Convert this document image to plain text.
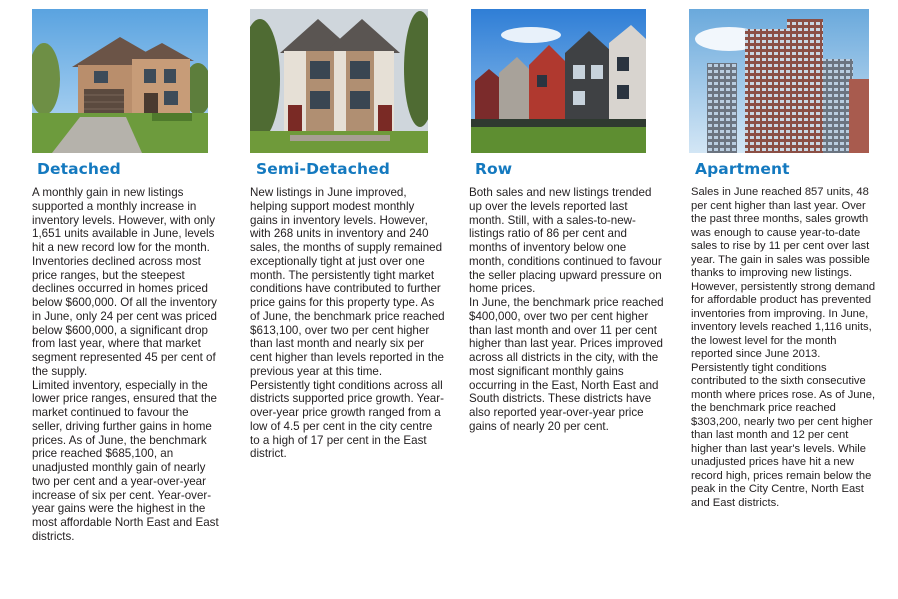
Detached

A monthly gain in new listings supported a monthly increase in inventory levels. However, with only 1,651 units available in June, levels hit a new record low for the month. Inventories declined across most price ranges, but the steepest declines occurred in homes priced below $600,000. Of all the inventory in June, only 24 per cent was priced below $600,000, a significant drop from last year, where that market segment represented 45 per cent of the supply.

Limited inventory, especially in the lower price ranges, ensured that the market continued to favour the seller, driving further gains in home prices. As of June, the benchmark price reached $685,100, an unadjusted monthly gain of nearly two per cent and a year-over-year increase of six per cent. Year-over-year gains were the highest in the most affordable North East and East districts.

Semi-Detached

New listings in June improved, helping support modest monthly gains in inventory levels. However, with 268 units in inventory and 240 sales, the months of supply remained exceptionally tight at just over one month. The persistently tight market conditions have contributed to further price gains for this property type. As of June, the benchmark price reached $613,100, over two per cent higher than last month and nearly six per cent higher than levels reported in the previous year at this time.

Persistently tight conditions across all districts supported price growth. Year-over-year price growth ranged from a low of 4.5 per cent in the city centre to a high of 17 per cent in the East district.

Row

Both sales and new listings trended up over the levels reported last month. Still, with a sales-to-new-listings ratio of 86 per cent and months of inventory below one month, conditions continued to favour the seller placing upward pressure on home prices.

In June, the benchmark price reached $400,000, over two per cent higher than last month and over 11 per cent higher than last year. Prices improved across all districts in the city, with the most significant monthly gains occurring in the East, North East and South districts. These districts have also reported year-over-year price gains of nearly 20 per cent.

Apartment

Sales in June reached 857 units, 48 per cent higher than last year. Over the past three months, sales growth was enough to cause year-to-date sales to rise by 11 per cent over last year. The gain in sales was possible thanks to improving new listings. However, persistently strong demand for affordable product has prevented inventories from improving. In June, inventory levels reached 1,116 units, the lowest level for the month reported since June 2013.

Persistently tight conditions contributed to the sixth consecutive month where prices rose. As of June, the benchmark price reached $303,200, nearly two per cent higher than last month and 12 per cent higher than last year's levels. While unadjusted prices have hit a new record high, prices remain below the peak in the City Centre, North East and East districts.
